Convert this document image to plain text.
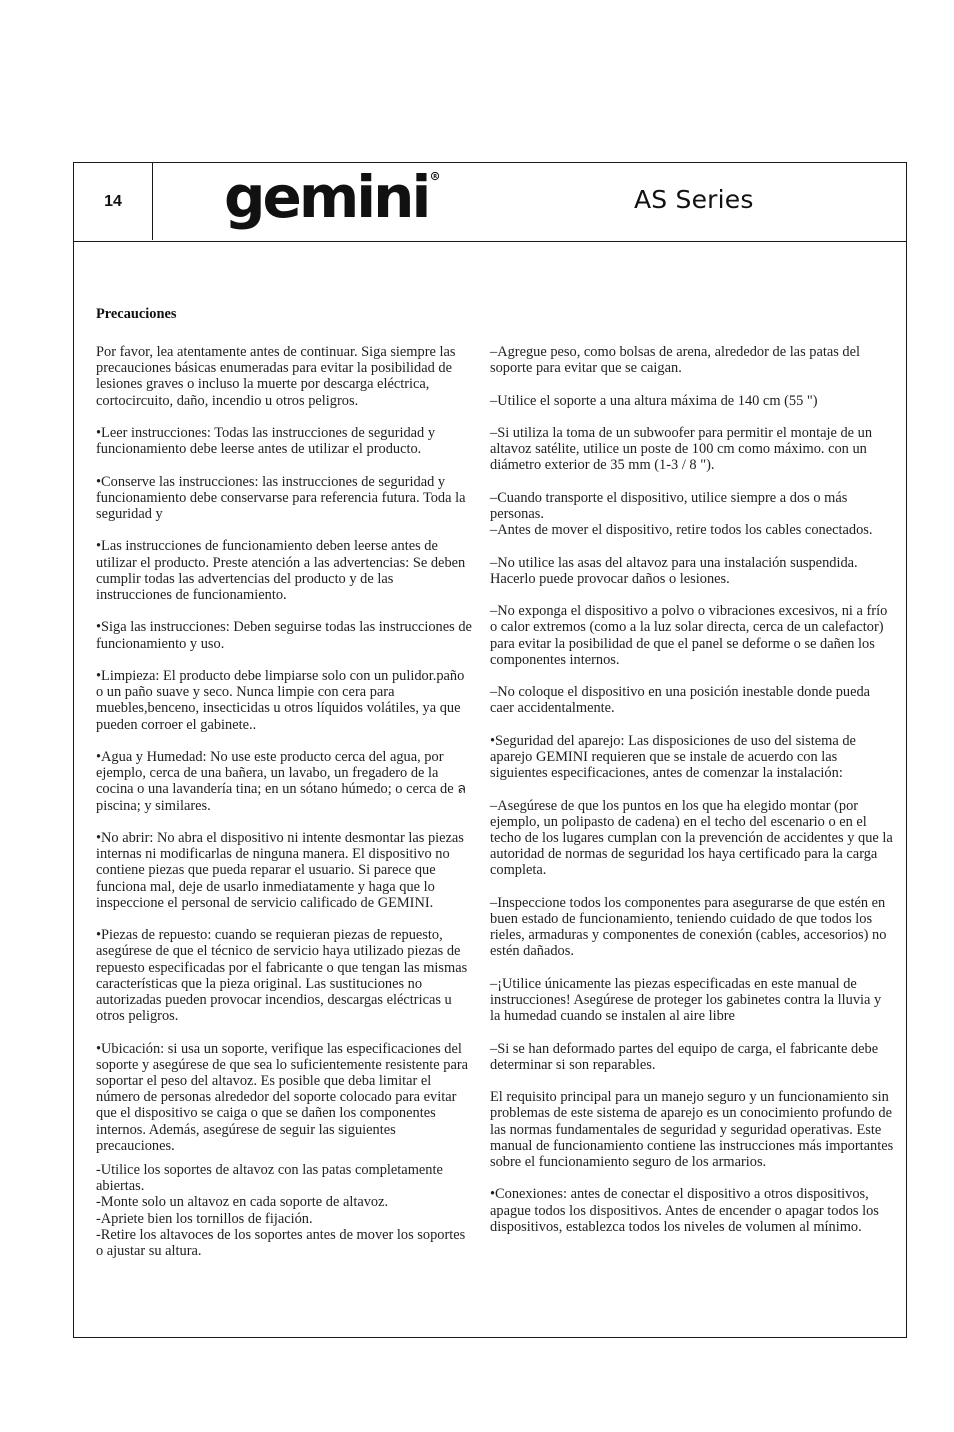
14	gemini R
AS Series
Precauciones

Por favor, lea atentamente antes de continuar. Siga siempre las precauciones básicas enumeradas para evitar la posibilidad de lesiones graves o incluso la muerte por descarga eléctrica, cortocircuito, daño, incendio u otros peligros.

•Leer instrucciones: Todas las instrucciones de seguridad y funcionamiento debe leerse antes de utilizar el producto.

•Conserve las instrucciones: las instrucciones de seguridad y funcionamiento debe conservarse para referencia futura. Toda la seguridad y

•Las instrucciones de funcionamiento deben leerse antes de utilizar el producto. Preste atención a las advertencias: Se deben cumplir todas las advertencias del producto y de las instrucciones de funcionamiento.

•Siga las instrucciones: Deben seguirse todas las instrucciones de funcionamiento y uso.

•Limpieza: El producto debe limpiarse solo con un pulidor.paño o un paño suave y seco. Nunca limpie con cera para muebles,benceno, insecticidas u otros líquidos volátiles, ya que pueden corroer el gabinete..

•Agua y Humedad: No use este producto cerca del agua, por ejemplo, cerca de una bañera, un lavabo, un fregadero de la cocina o una lavandería tina; en un sótano húmedo; o cerca de ล piscina; y similares.

•No abrir: No abra el dispositivo ni intente desmontar las piezas internas ni modificarlas de ninguna manera. El dispositivo no contiene piezas que pueda reparar el usuario. Si parece que funciona mal, deje de usarlo inmediatamente y haga que lo inspeccione el personal de servicio calificado de GEMINI.

•Piezas de repuesto: cuando se requieran piezas de repuesto, asegúrese de que el técnico de servicio haya utilizado piezas de repuesto especificadas por el fabricante o que tengan las mismas características que la pieza original. Las sustituciones no autorizadas pueden provocar incendios, descargas eléctricas u otros peligros.

•Ubicación: si usa un soporte, verifique las especificaciones del soporte y asegúrese de que sea lo suficientemente resistente para soportar el peso del altavoz. Es posible que deba limitar el número de personas alrededor del soporte colocado para evitar que el dispositivo se caiga o que se dañen los componentes internos. Además, asegúrese de seguir las siguientes precauciones.

-Utilice los soportes de altavoz con las patas completamente abiertas.
-Monte solo un altavoz en cada soporte de altavoz.
-Apriete bien los tornillos de fijación.
-Retire los altavoces de los soportes antes de mover los soportes o ajustar su altura.

–Agregue peso, como bolsas de arena, alrededor de las patas del soporte para evitar que se caigan.

–Utilice el soporte a una altura máxima de 140 cm (55 ")

–Si utiliza la toma de un subwoofer para permitir el montaje de un altavoz satélite, utilice un poste de 100 cm como máximo. con un diámetro exterior de 35 mm (1-3 / 8 ").

–Cuando transporte el dispositivo, utilice siempre a dos o más personas.
–Antes de mover el dispositivo, retire todos los cables conectados.

–No utilice las asas del altavoz para una instalación suspendida. Hacerlo puede provocar daños o lesiones.

–No exponga el dispositivo a polvo o vibraciones excesivos, ni a frío o calor extremos (como a la luz solar directa, cerca de un calefactor) para evitar la posibilidad de que el panel se deforme o se dañen los componentes internos.

–No coloque el dispositivo en una posición inestable donde pueda caer accidentalmente.

•Seguridad del aparejo: Las disposiciones de uso del sistema de aparejo GEMINI requieren que se instale de acuerdo con las siguientes especificaciones, antes de comenzar la instalación:

–Asegúrese de que los puntos en los que ha elegido montar (por ejemplo, un polipasto de cadena) en el techo del escenario o en el techo de los lugares cumplan con la prevención de accidentes y que la autoridad de normas de seguridad los haya certificado para la carga completa.

–Inspeccione todos los componentes para asegurarse de que estén en buen estado de funcionamiento, teniendo cuidado de que todos los rieles, armaduras y componentes de conexión (cables, accesorios) no estén dañados.

–¡Utilice únicamente las piezas especificadas en este manual de instrucciones! Asegúrese de proteger los gabinetes contra la lluvia y la humedad cuando se instalen al aire libre

–Si se han deformado partes del equipo de carga, el fabricante debe determinar si son reparables.

El requisito principal para un manejo seguro y un funcionamiento sin problemas de este sistema de aparejo es un conocimiento profundo de las normas fundamentales de seguridad y seguridad operativas. Este manual de funcionamiento contiene las instrucciones más importantes sobre el funcionamiento seguro de los armarios.

•Conexiones: antes de conectar el dispositivo a otros dispositivos, apague todos los dispositivos. Antes de encender o apagar todos los dispositivos, establezca todos los niveles de volumen al mínimo.
